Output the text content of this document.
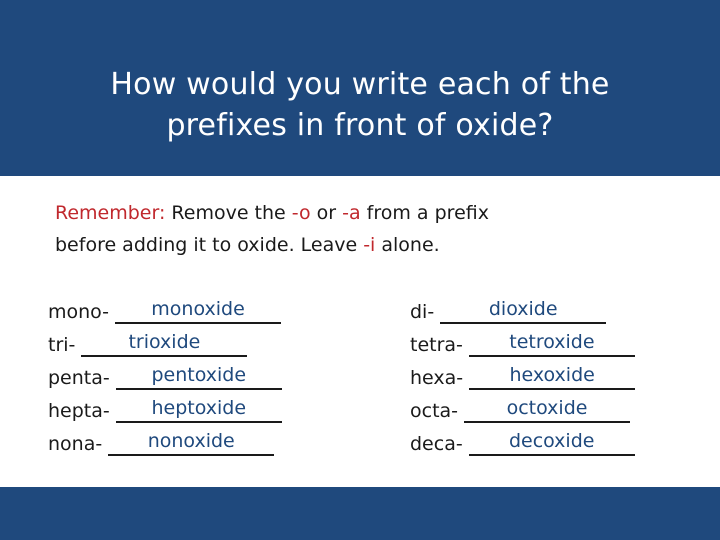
How would you write each of the
prefixes in front of oxide?
Remember: Remove the -o or -a from a prefix
before adding it to oxide. Leave -i alone.
mono-	monoxide
tri-	trioxide
penta-	pentoxide
hepta-	heptoxide
nona-	nonoxide
di-	dioxide
tetra-	tetroxide
hexa-	hexoxide
octa-	octoxide
deca-	decoxide
